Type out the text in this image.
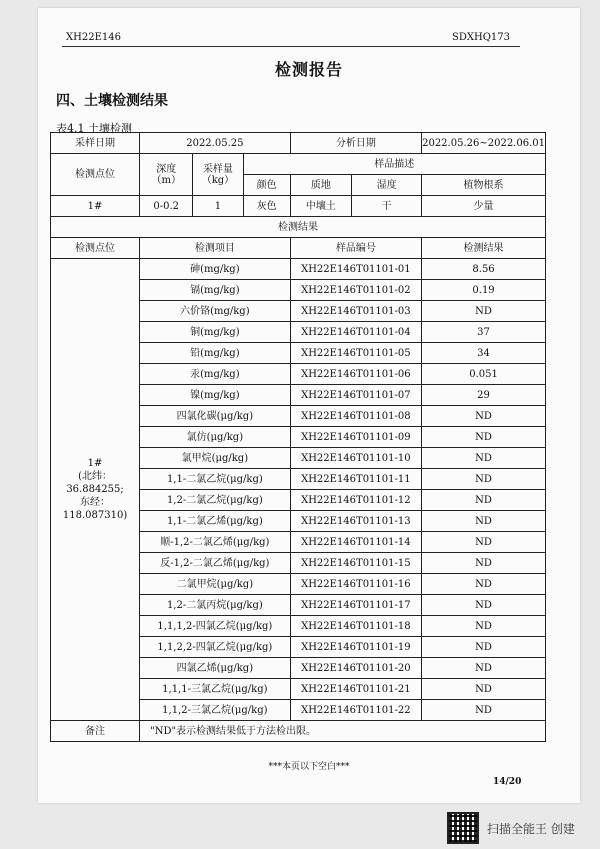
XH22E146	SDXHQ173
检测报告
四、土壤检测结果
表4.1 土壤检测
采样日期	2022.05.25			分析日期		2022.05.26~2022.06.01
检测点位	深度（m）	采样量（kg）	样品描述			
			颜色	质地	湿度	植物根系
1#	0-0.2	1	灰色	中壤土	干	少量
检测结果						
检测点位	检测项目			样品编号		检测结果

1#
(北纬：36.884255;
东经：118.087310)	砷(mg/kg)			XH22E146T01101-01		8.56
	镉(mg/kg)			XH22E146T01101-02		0.19
	六价铬(mg/kg)			XH22E146T01101-03		ND
	铜(mg/kg)			XH22E146T01101-04		37
	铅(mg/kg)			XH22E146T01101-05		34
	汞(mg/kg)			XH22E146T01101-06		0.051
	镍(mg/kg)			XH22E146T01101-07		29
	四氯化碳(μg/kg)			XH22E146T01101-08		ND
	氯仿(μg/kg)			XH22E146T01101-09		ND
	氯甲烷(μg/kg)			XH22E146T01101-10		ND
	1,1-二氯乙烷(μg/kg)			XH22E146T01101-11		ND
	1,2-二氯乙烷(μg/kg)			XH22E146T01101-12		ND
	1,1-二氯乙烯(μg/kg)			XH22E146T01101-13		ND
	顺-1,2-二氯乙烯(μg/kg)			XH22E146T01101-14		ND
	反-1,2-二氯乙烯(μg/kg)			XH22E146T01101-15		ND
	二氯甲烷(μg/kg)			XH22E146T01101-16		ND
	1,2-二氯丙烷(μg/kg)			XH22E146T01101-17		ND
	1,1,1,2-四氯乙烷(μg/kg)			XH22E146T01101-18		ND
	1,1,2,2-四氯乙烷(μg/kg)			XH22E146T01101-19		ND
	四氯乙烯(μg/kg)			XH22E146T01101-20		ND
	1,1,1-三氯乙烷(μg/kg)			XH22E146T01101-21		ND
	1,1,2-三氯乙烷(μg/kg)			XH22E146T01101-22		ND
备注	"ND"表示检测结果低于方法检出限。					
***本页以下空白***
14/20
扫描全能王 创建
